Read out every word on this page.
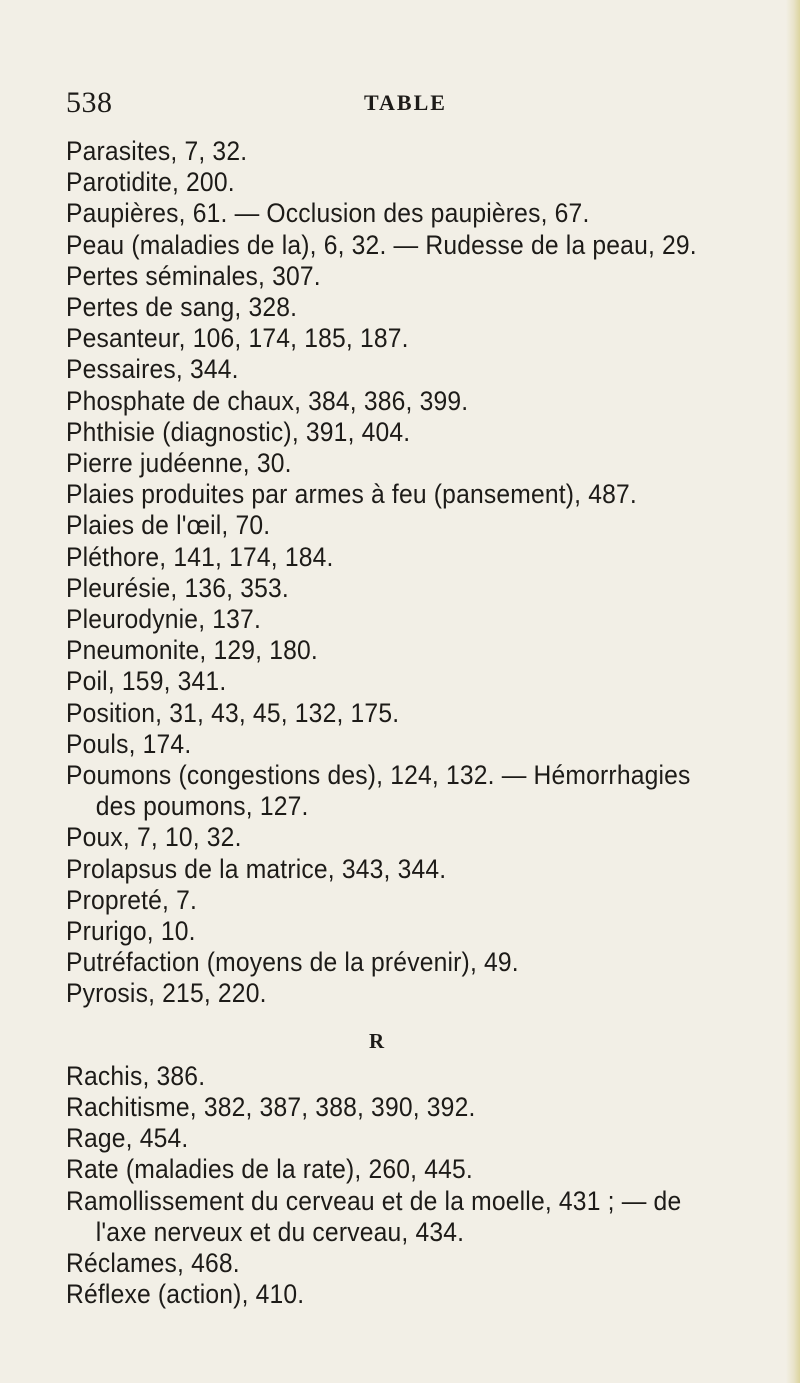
538	TABLE
Parasites, 7, 32.
Parotidite, 200.
Paupières, 61. — Occlusion des paupières, 67.
Peau (maladies de la), 6, 32. — Rudesse de la peau, 29.
Pertes séminales, 307.
Pertes de sang, 328.
Pesanteur, 106, 174, 185, 187.
Pessaires, 344.
Phosphate de chaux, 384, 386, 399.
Phthisie (diagnostic), 391, 404.
Pierre judéenne, 30.
Plaies produites par armes à feu (pansement), 487.
Plaies de l'œil, 70.
Pléthore, 141, 174, 184.
Pleurésie, 136, 353.
Pleurodynie, 137.
Pneumonite, 129, 180.
Poil, 159, 341.
Position, 31, 43, 45, 132, 175.
Pouls, 174.
Poumons (congestions des), 124, 132. — Hémorrhagies
des poumons, 127.
Poux, 7, 10, 32.
Prolapsus de la matrice, 343, 344.
Propreté, 7.
Prurigo, 10.
Putréfaction (moyens de la prévenir), 49.
Pyrosis, 215, 220.
R
Rachis, 386.
Rachitisme, 382, 387, 388, 390, 392.
Rage, 454.
Rate (maladies de la rate), 260, 445.
Ramollissement du cerveau et de la moelle, 431 ; — de
l'axe nerveux et du cerveau, 434.
Réclames, 468.
Réflexe (action), 410.
